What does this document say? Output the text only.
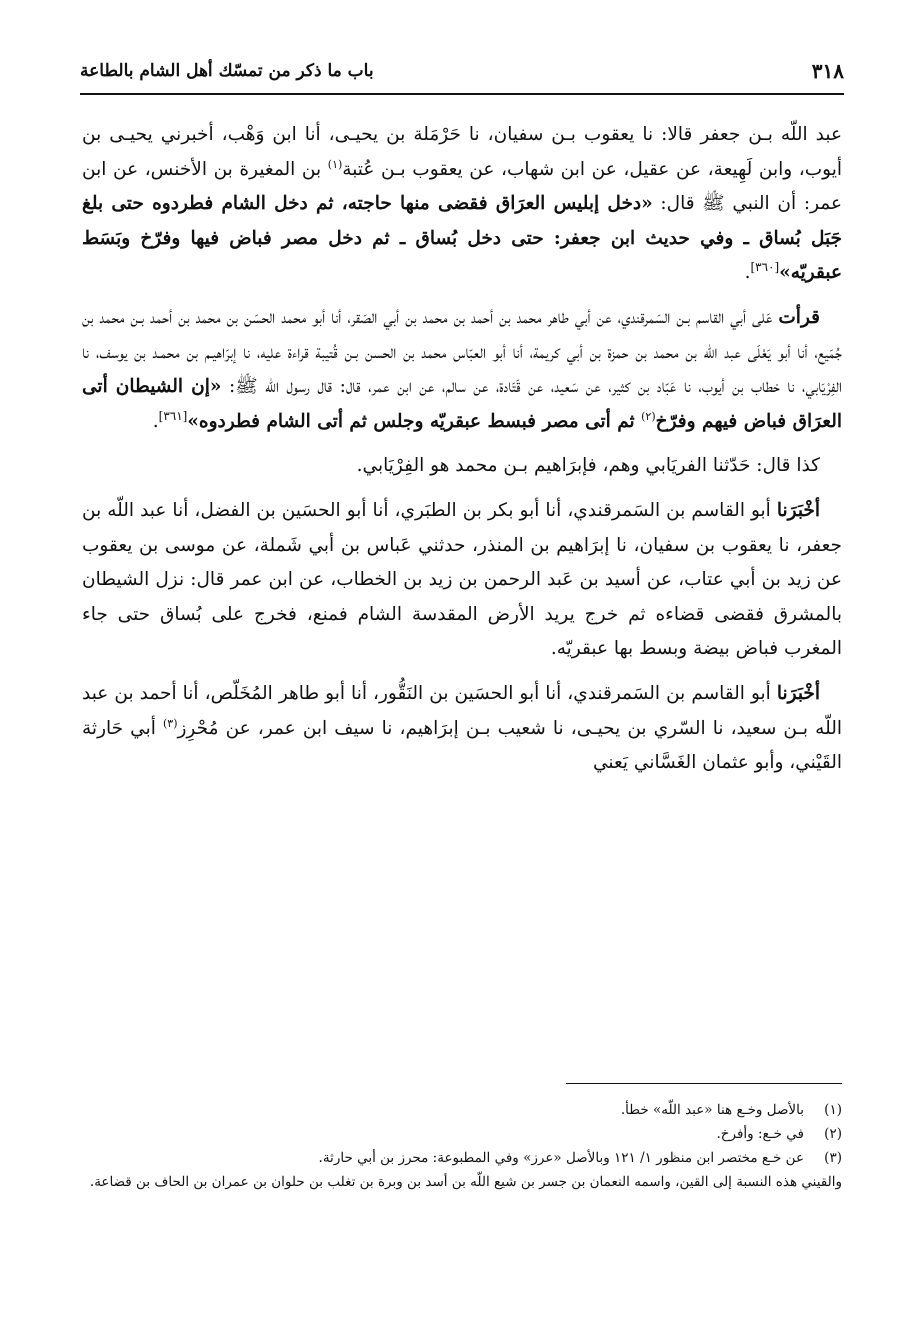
٣١٨
باب ما ذكر من تمسّك أهل الشام بالطاعة

عبد اللّه بـن جعفر قالا: نا يعقوب بـن سفيان، نا حَرْمَلة بن يحيـى، أنا ابن وَهْب، أخبرني يحيـى بن أيوب، وابن لَهِيعة، عن عقيل، عن ابن شهاب، عن يعقوب بـن عُتبة$^{(١)}$ بن المغيرة بن الأخنس، عن ابن عمر: أن النبي ﷺ قال: «دخل إبليس العرَاق فقضى منها حاجته، ثم دخل الشام فطردوه حتى بلغ جَبَل بُساق ـ وفي حديث ابن جعفر: حتى دخل بُساق ـ ثم دخل مصر فباض فيها وفرّخ وبَسَط عبقريّه»[٣٦٠].

قرأت عَلى أبي القاسم بـن السَمرقندي، عن أبي طاهر محمد بن أحمد بن محمد بن أبي الصَقر، أنا أبو محمد الحسَن بن محمد بن أحمد بـن محمد بن جُمَيع، أنا أبو يَعْلَى عبد اللّه بن محمد بن حمزة بن أبي كريمة، أنا أبو العبّاس محمد بن الحسن بـن قُتيبة قراءة عليه، نا إبرَاهيـم بن محمـد بن يوسف، نا الفِرْيَابي، نا خطاب بن أيوب، نا عَبّاد بن كثير، عن سَعيد، عن قَتَادة، عن سالم، عن ابن عمر، قال: قال رسول اللّه ﷺ: «إن الشيطان أتى العرَاق فباض فيهم وفرّخ$^{(٢)}$ ثم أتى مصر فبسط عبقريّه وجلس ثم أتى الشام فطردوه»[٣٦١].

كذا قال: حَدّثنا الفريَابي وهم، فإبرَاهيم بـن محمد هو الفِرْيَابي.

أخْبَرَنا أبو القاسم بن السَمرقندي، أنا أبو بكر بن الطبَري، أنا أبو الحسَين بن الفضل، أنا عبد اللّه بن جعفر، نا يعقوب بن سفيان، نا إبرَاهيم بن المنذر، حدثني عَباس بن أبي شَملة، عن موسى بن يعقوب عن زيد بن أبي عتاب، عن أسيد بن عَبد الرحمن بن زيد بن الخطاب، عن ابن عمر قال: نزل الشيطان بالمشرق فقضى قضاءه ثم خرج يريد الأرض المقدسة الشام فمنع، فخرج على بُساق حتى جاء المغرب فباض بيضة وبسط بها عبقريّه.

أخْبَرَنا أبو القاسم بن السَمرقندي، أنا أبو الحسَين بن النَقُّور، أنا أبو طاهر المُخَلّص، أنا أحمد بن عبد اللّه بـن سعيد، نا السّري بن يحيـى، نا شعيب بـن إبرَاهيم، نا سيف ابن عمر، عن مُحْرِز$^{(٣)}$ أبي حَارثة القَيْني، وأبو عثمان الغَسَّاني يَعني

(١)بالأصل وخـع هنا «عبد اللّه» خطأ.

(٢)في خـع: وأفرخ.

(٣)عن خـع مختصر ابن منظور ١/ ١٢١ وبالأصل «عرز» وفي المطبوعة: محرز بن أبي حارثة.

والقيني هذه النسبة إلى القين، واسمه النعمان بن جسر بن شيع اللّه بن أسد بن وبرة بن تغلب بن حلوان بن عمران بن الحاف بن قضاعة.
